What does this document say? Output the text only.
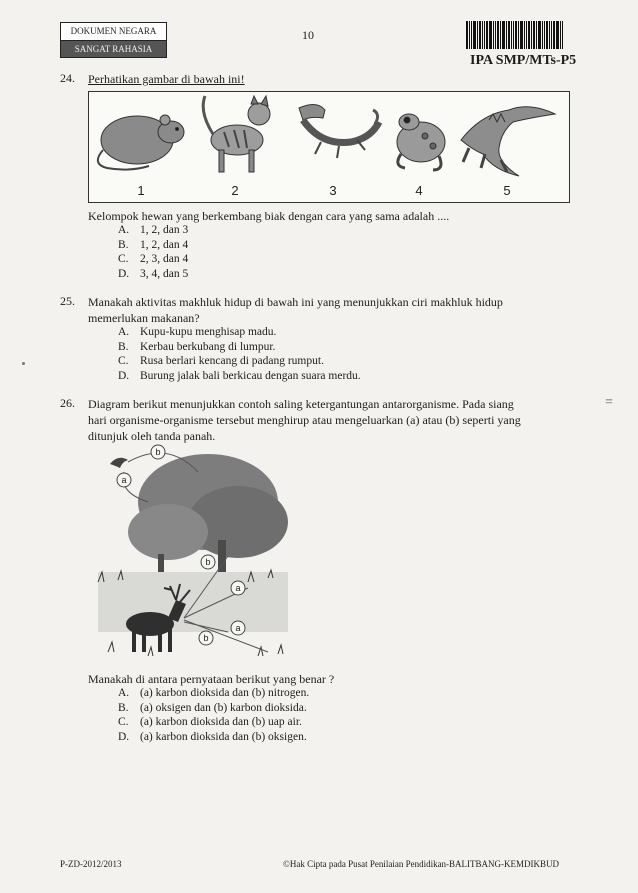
DOKUMEN NEGARA
SANGAT RAHASIA
10
IPA SMP/MTs-P5
24. Perhatikan gambar di bawah ini!
1	2	3	4	5
Kelompok hewan yang berkembang biak dengan cara yang sama adalah ....
A. 1, 2, dan 3
B. 1, 2, dan 4
C. 2, 3, dan 4
D. 3, 4, dan 5
25. Manakah aktivitas makhluk hidup di bawah ini yang menunjukkan ciri makhluk hidup
memerlukan makanan?
A. Kupu-kupu menghisap madu.
B. Kerbau berkubang di lumpur.
C. Rusa berlari kencang di padang rumput.
D. Burung jalak bali berkicau dengan suara merdu.
26. Diagram berikut menunjukkan contoh saling ketergantungan antarorganisme. Pada siang
hari organisme-organisme tersebut menghirup atau mengeluarkan (a) atau (b) seperti yang
ditunjuk oleh tanda panah.
b
a
b
a
b
a
Manakah di antara pernyataan berikut yang benar ?
A. (a) karbon dioksida dan (b) nitrogen.
B. (a) oksigen dan (b) karbon dioksida.
C. (a) karbon dioksida dan (b) uap air.
D. (a) karbon dioksida dan (b) oksigen.
=
P-ZD-2012/2013	©Hak Cipta pada Pusat Penilaian Pendidikan-BALITBANG-KEMDIKBUD
